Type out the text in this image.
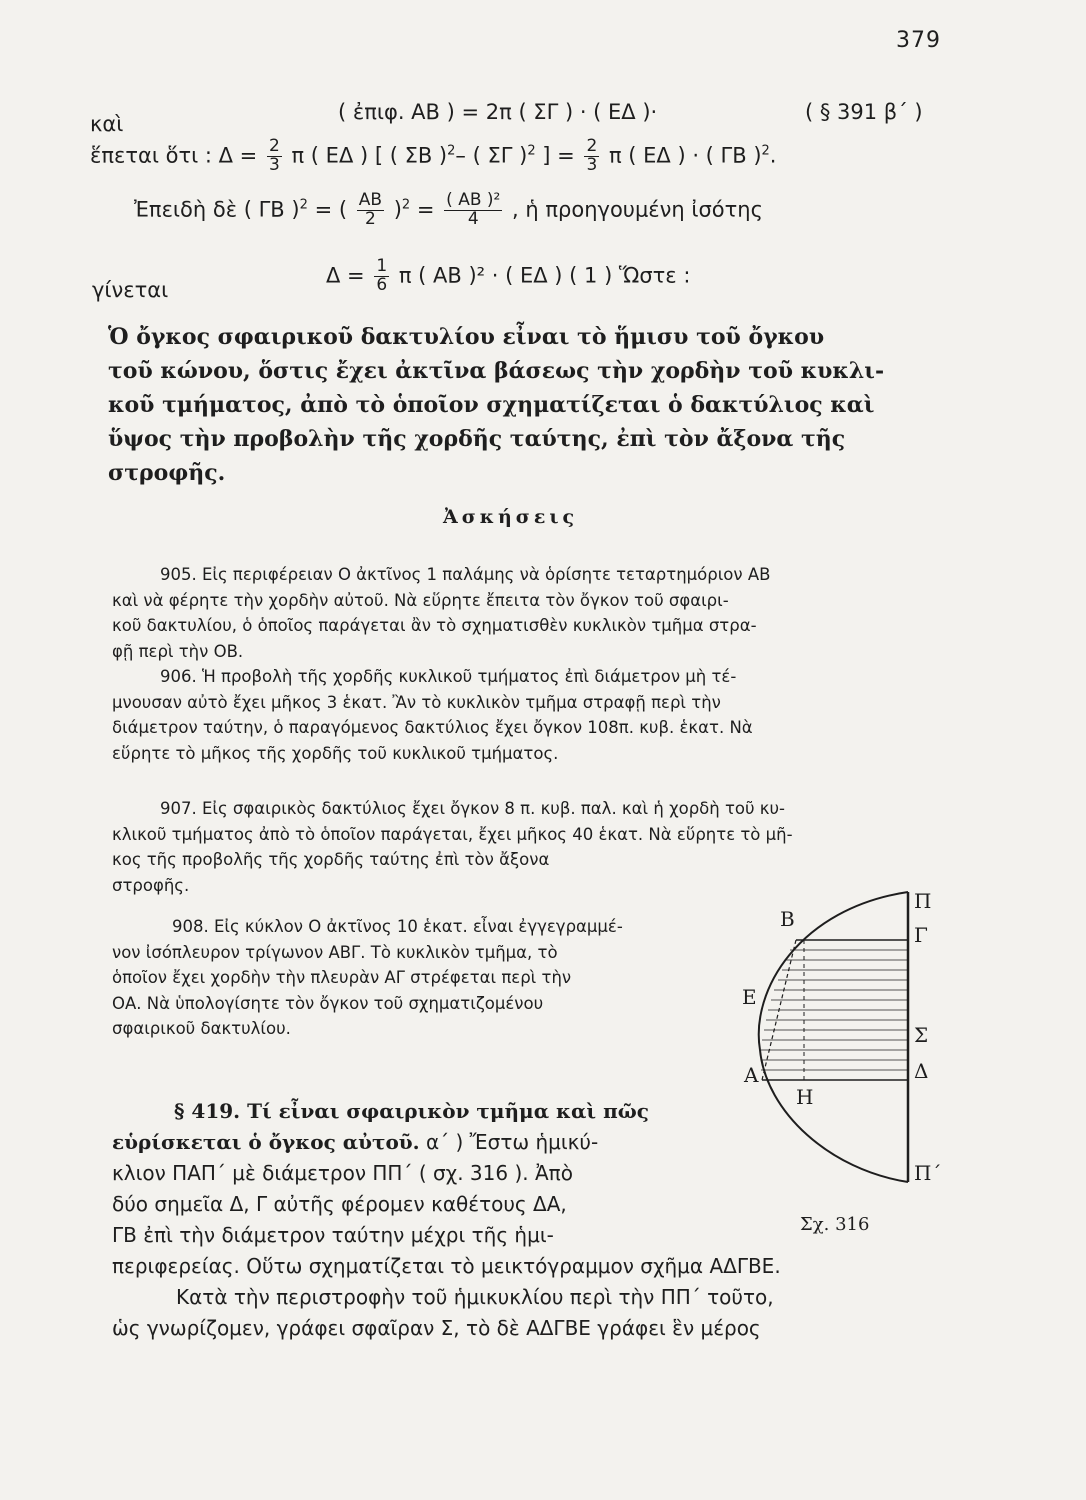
379
καὶ	( ἐπιφ. ΑΒ ) = 2π ( ΣΓ ) · ( ΕΔ )·	( § 391 β΄ )
ἕπεται ὅτι : $\Delta = \frac{2}{3}$ π ( ΕΔ ) [ ( ΣΒ )$^2$– ( ΣΓ )$^2$ ] = $\frac{2}{3}$ π ( ΕΔ ) · ( ΓΒ )$^2$.
Ἐπειδὴ δὲ ( ΓΒ )$^2$ = ( $\frac{AB}{2} )^2 = \frac{\text{( ΑΒ )²}}{4}$ , ἡ προηγουμένη ἰσότης
γίνεται
$\Delta = \frac{1}{6}$ π ( ΑΒ )² · ( ΕΔ ) ( 1 ) Ὥστε :

Ὁ ὄγκος σφαιρικοῦ δακτυλίου εἶναι τὸ ἥμισυ τοῦ ὄγκου

τοῦ κώνου, ὅστις ἔχει ἀκτῖνα βάσεως τὴν χορδὴν τοῦ κυκλι-

κοῦ τμήματος, ἀπὸ τὸ ὁποῖον σχηματίζεται ὁ δακτύλιος καὶ

ὕψος τὴν προβολὴν τῆς χορδῆς ταύτης, ἐπὶ τὸν ἄξονα τῆς

στροφῆς.

Ἀσκήσεις

905. Εἰς περιφέρειαν Ο ἀκτῖνος 1 παλάμης νὰ ὁρίσητε τεταρτημόριον ΑΒ

καὶ νὰ φέρητε τὴν χορδὴν αὐτοῦ. Νὰ εὕρητε ἔπειτα τὸν ὄγκον τοῦ σφαιρι-

κοῦ δακτυλίου, ὁ ὁποῖος παράγεται ἂν τὸ σχηματισθὲν κυκλικὸν τμῆμα στρα-

φῇ περὶ τὴν ΟΒ.

906. Ἡ προβολὴ τῆς χορδῆς κυκλικοῦ τμήματος ἐπὶ διάμετρον μὴ τέ-

μνουσαν αὐτὸ ἔχει μῆκος 3 ἑκατ. Ἂν τὸ κυκλικὸν τμῆμα στραφῇ περὶ τὴν

διάμετρον ταύτην, ὁ παραγόμενος δακτύλιος ἔχει ὄγκον 108π. κυβ. ἑκατ. Νὰ

εὕρητε τὸ μῆκος τῆς χορδῆς τοῦ κυκλικοῦ τμήματος.

907. Εἰς σφαιρικὸς δακτύλιος ἔχει ὄγκον 8 π. κυβ. παλ. καὶ ἡ χορδὴ τοῦ κυ-

κλικοῦ τμήματος ἀπὸ τὸ ὁποῖον παράγεται, ἔχει μῆκος 40 ἑκατ. Νὰ εὕρητε τὸ μῆ-

κος τῆς προβολῆς τῆς χορδῆς ταύτης ἐπὶ τὸν ἄξονα

στροφῆς.

908. Εἰς κύκλον Ο ἀκτῖνος 10 ἑκατ. εἶναι ἐγγεγραμμέ-

νον ἰσόπλευρον τρίγωνον ΑΒΓ. Τὸ κυκλικὸν τμῆμα, τὸ

ὁποῖον ἔχει χορδὴν τὴν πλευρὰν ΑΓ στρέφεται περὶ τὴν

ΟΑ. Νὰ ὑπολογίσητε τὸν ὄγκον τοῦ σχηματιζομένου

σφαιρικοῦ δακτυλίου.

§ 419. Τί εἶναι σφαιρικὸν τμῆμα καὶ πῶς

εὑρίσκεται ὁ ὄγκος αὐτοῦ. α΄ ) Ἔστω ἡμικύ-

κλιον ΠΑΠ΄ μὲ διάμετρον ΠΠ΄ ( σχ. 316 ). Ἀπὸ

δύο σημεῖα Δ, Γ αὐτῆς φέρομεν καθέτους ΔΑ,

ΓΒ ἐπὶ τὴν διάμετρον ταύτην μέχρι τῆς ἡμι-

περιφερείας. Οὕτω σχηματίζεται τὸ μεικτόγραμμον σχῆμα ΑΔΓΒΕ.

Κατὰ τὴν περιστροφὴν τοῦ ἡμικυκλίου περὶ τὴν ΠΠ΄ τοῦτο,

ὡς γνωρίζομεν, γράφει σφαῖραν Σ, τὸ δὲ ΑΔΓΒΕ γράφει ἓν μέρος

Π
Γ
Β
Ε
Σ
Α	Δ
Η
Π΄
Σχ. 316
